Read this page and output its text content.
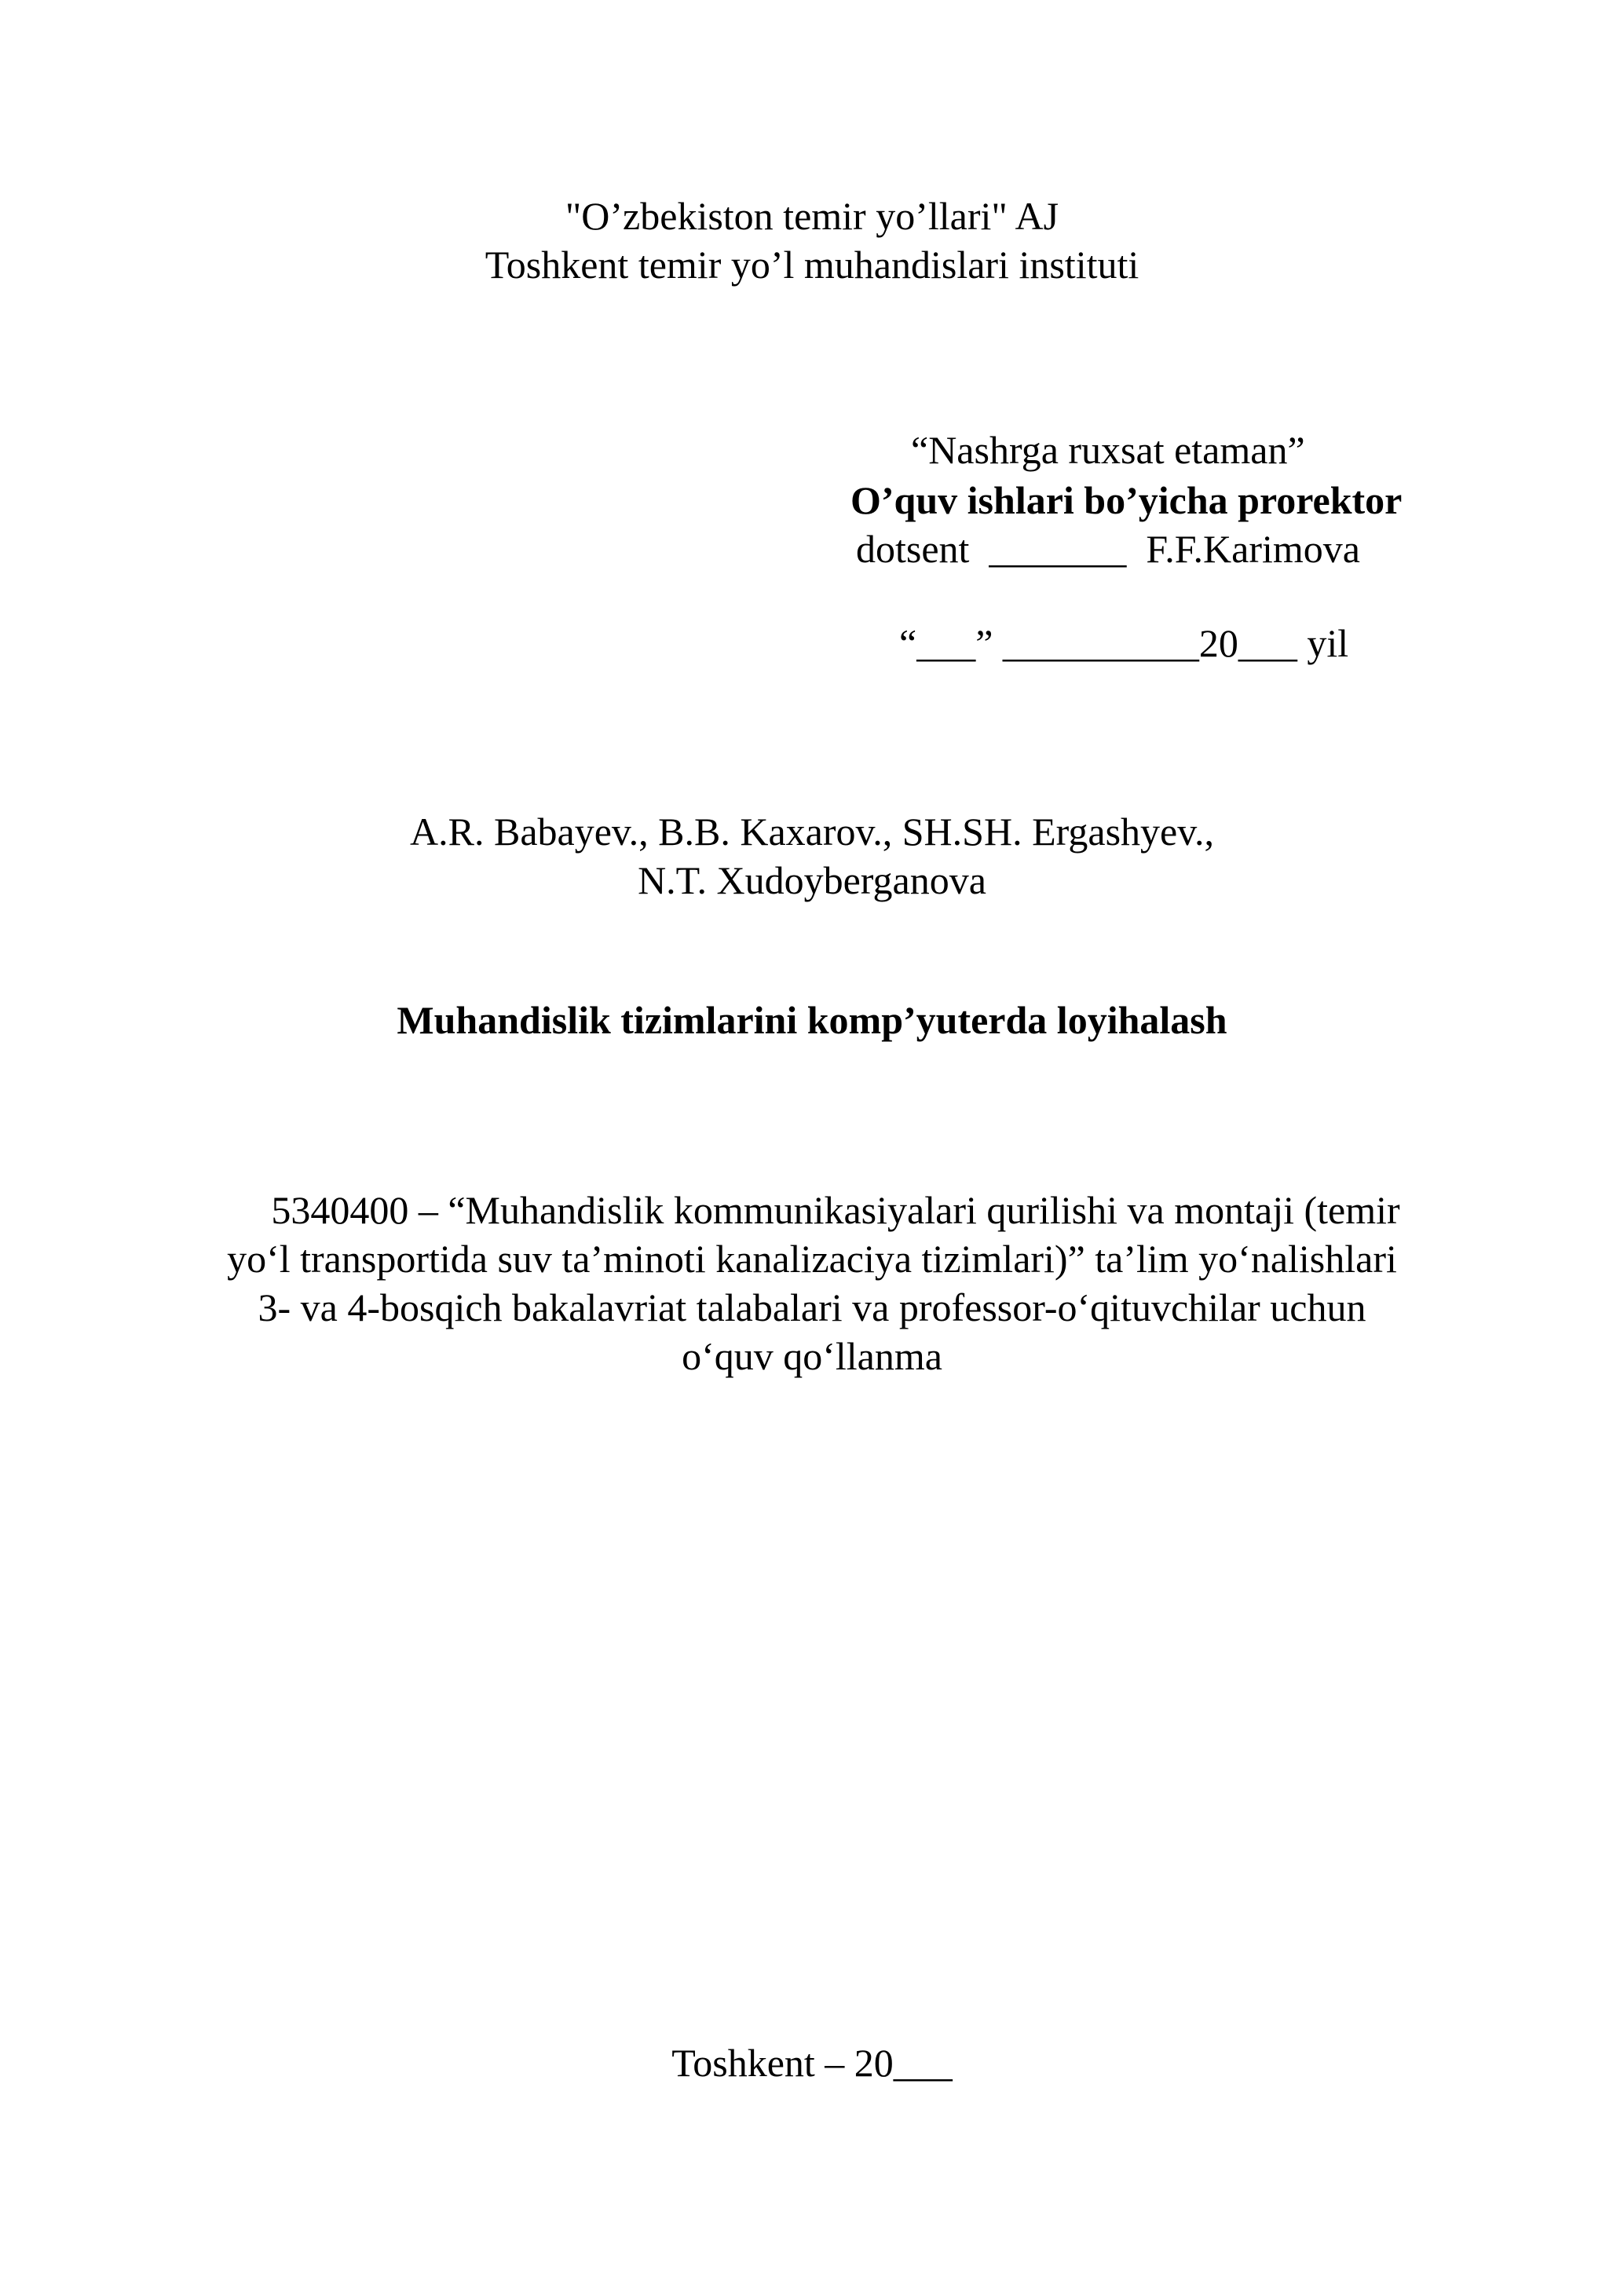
"O’zbekiston temir yo’llari" AJ
Toshkent temir yo’l muhandislari instituti
“Nashrga ruxsat etaman”
O’quv ishlari bo’yicha prorektor
dotsent  _______  F.F.Karimova
“___” __________20___ yil
A.R. Babayev., B.B. Kaxarov., SH.SH. Ergashyev.,
N.T. Xudoyberganova
Muhandislik tizimlarini komp’yuterda loyihalash
5340400 – “Muhandislik kommunikasiyalari qurilishi va montaji (temir
yo‘l transportida suv ta’minoti kanalizaciya tizimlari)” ta’lim yo‘nalishlari
3- va 4-bosqich bakalavriat talabalari va professor-o‘qituvchilar uchun
o‘quv qo‘llanma
Toshkent – 20___
